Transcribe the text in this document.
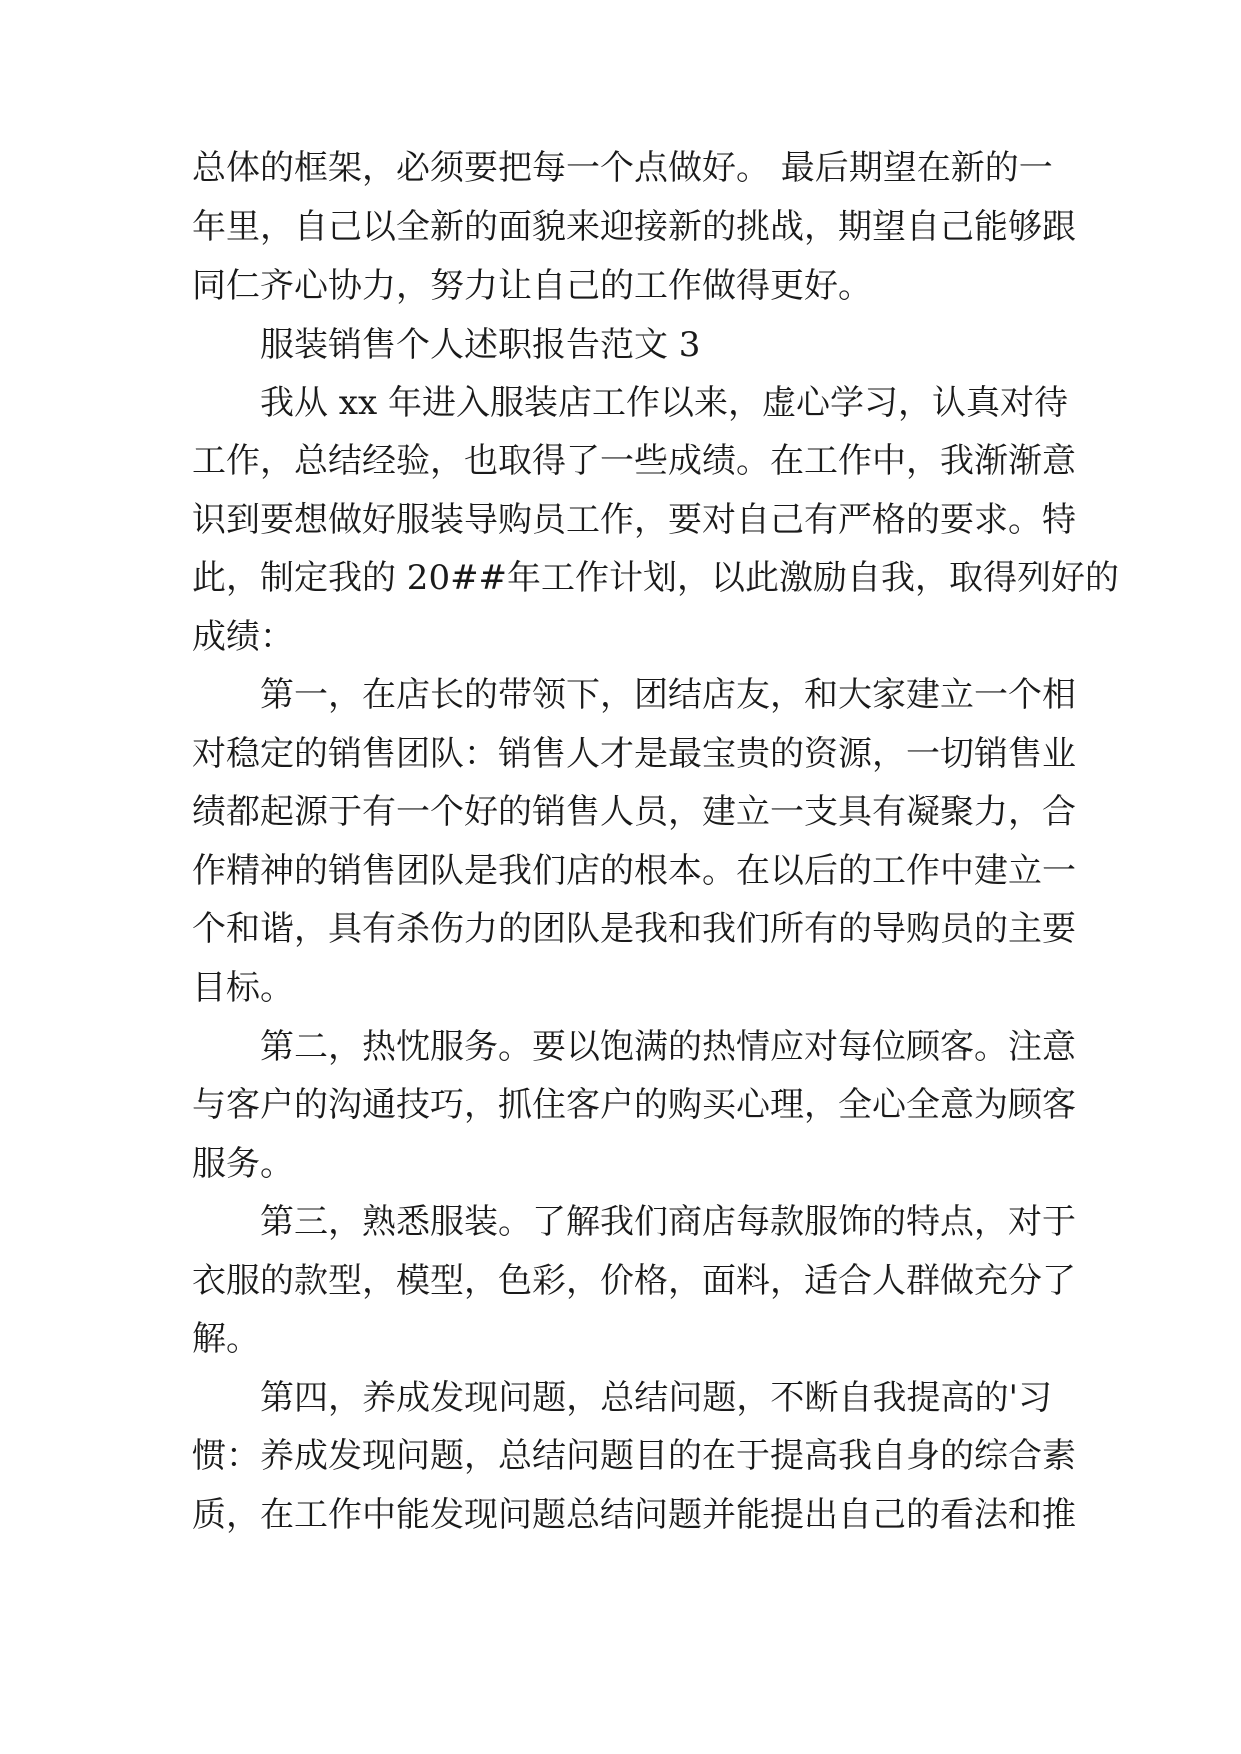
总体的框架，必须要把每一个点做好。 最后期望在新的一
年里，自己以全新的面貌来迎接新的挑战，期望自己能够跟
同仁齐心协力，努力让自己的工作做得更好。
服装销售个人述职报告范文 3
我从 xx 年进入服装店工作以来，虚心学习，认真对待
工作，总结经验，也取得了一些成绩。在工作中，我渐渐意
识到要想做好服装导购员工作，要对自己有严格的要求。特
此，制定我的 20##年工作计划，以此激励自我，取得列好的
成绩：
第一，在店长的带领下，团结店友，和大家建立一个相
对稳定的销售团队：销售人才是最宝贵的资源，一切销售业
绩都起源于有一个好的销售人员，建立一支具有凝聚力，合
作精神的销售团队是我们店的根本。在以后的工作中建立一
个和谐，具有杀伤力的团队是我和我们所有的导购员的主要
目标。
第二，热忱服务。要以饱满的热情应对每位顾客。注意
与客户的沟通技巧，抓住客户的购买心理，全心全意为顾客
服务。
第三，熟悉服装。了解我们商店每款服饰的特点，对于
衣服的款型，模型，色彩，价格，面料，适合人群做充分了
解。
第四，养成发现问题，总结问题，不断自我提高的'习
惯：养成发现问题，总结问题目的在于提高我自身的综合素
质，在工作中能发现问题总结问题并能提出自己的看法和推
